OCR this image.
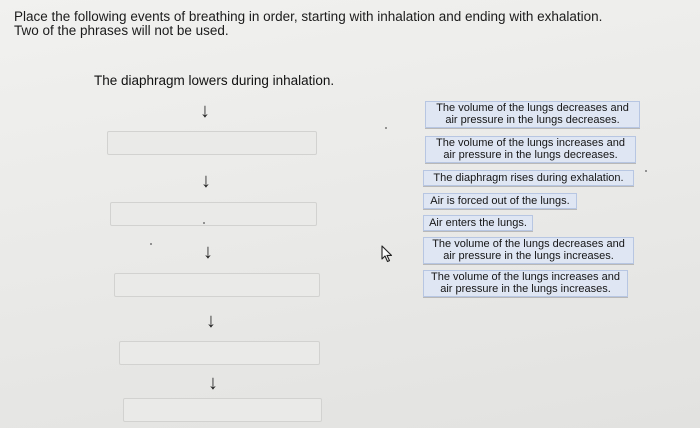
Place the following events of breathing in order, starting with inhalation and ending with exhalation.
Two of the phrases will not be used.
The diaphragm lowers during inhalation.
↓
↓
↓
↓
↓
The volume of the lungs decreases and
air pressure in the lungs decreases.
The volume of the lungs increases and
air pressure in the lungs decreases.
The diaphragm rises during exhalation.
Air is forced out of the lungs.
Air enters the lungs.
The volume of the lungs decreases and
air pressure in the lungs increases.
The volume of the lungs increases and
air pressure in the lungs increases.
